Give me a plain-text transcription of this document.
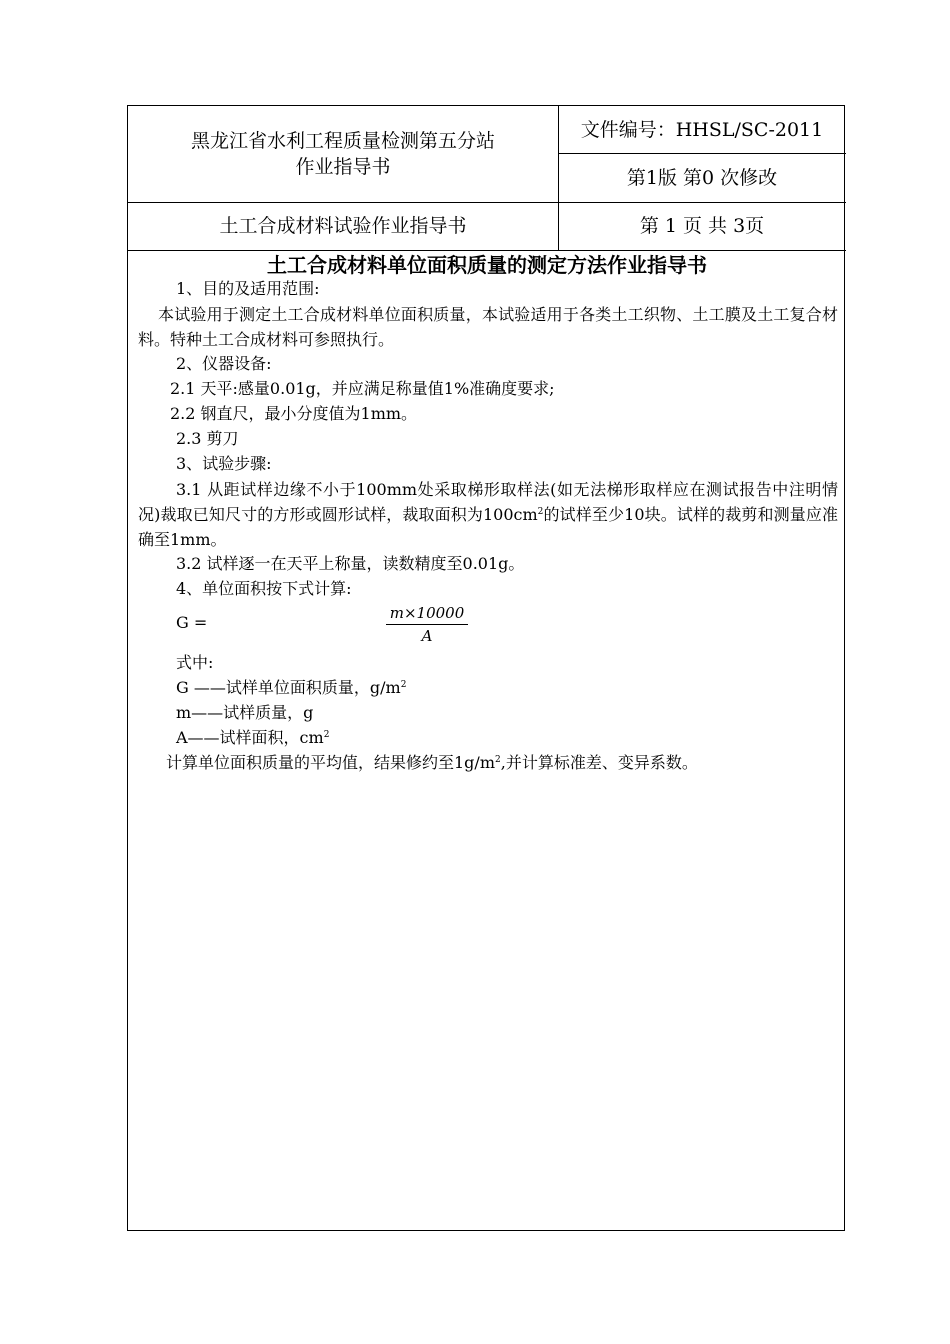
黑龙江省水利工程质量检测第五分站
作业指导书
文件编号：HHSL/SC-2011
第1版 第0 次修改
土工合成材料试验作业指导书	第 1 页 共 3页
土工合成材料单位面积质量的测定方法作业指导书
1、目的及适用范围:
本试验用于测定土工合成材料单位面积质量，本试验适用于各类土工织物、土工膜及土工复合材料。特种土工合成材料可参照执行。
2、仪器设备:
2.1 天平:感量0.01g，并应满足称量值1%准确度要求;
2.2 钢直尺，最小分度值为1mm。
2.3 剪刀
3、试验步骤:
3.1 从距试样边缘不小于100mm处采取梯形取样法(如无法梯形取样应在测试报告中注明情况)裁取已知尺寸的方形或圆形试样，裁取面积为$100cm^2$的试样至少10块。试样的裁剪和测量应准确至1mm。
3.2 试样逐一在天平上称量，读数精度至0.01g。
4、单位面积按下式计算:
G =	$\frac{m\times 10000}{A}$
式中:
G ——试样单位面积质量，$g/m^2$
m——试样质量，g
A——试样面积，$cm^2$
计算单位面积质量的平均值，结果修约至$1g/m^2$,并计算标准差、变异系数。
